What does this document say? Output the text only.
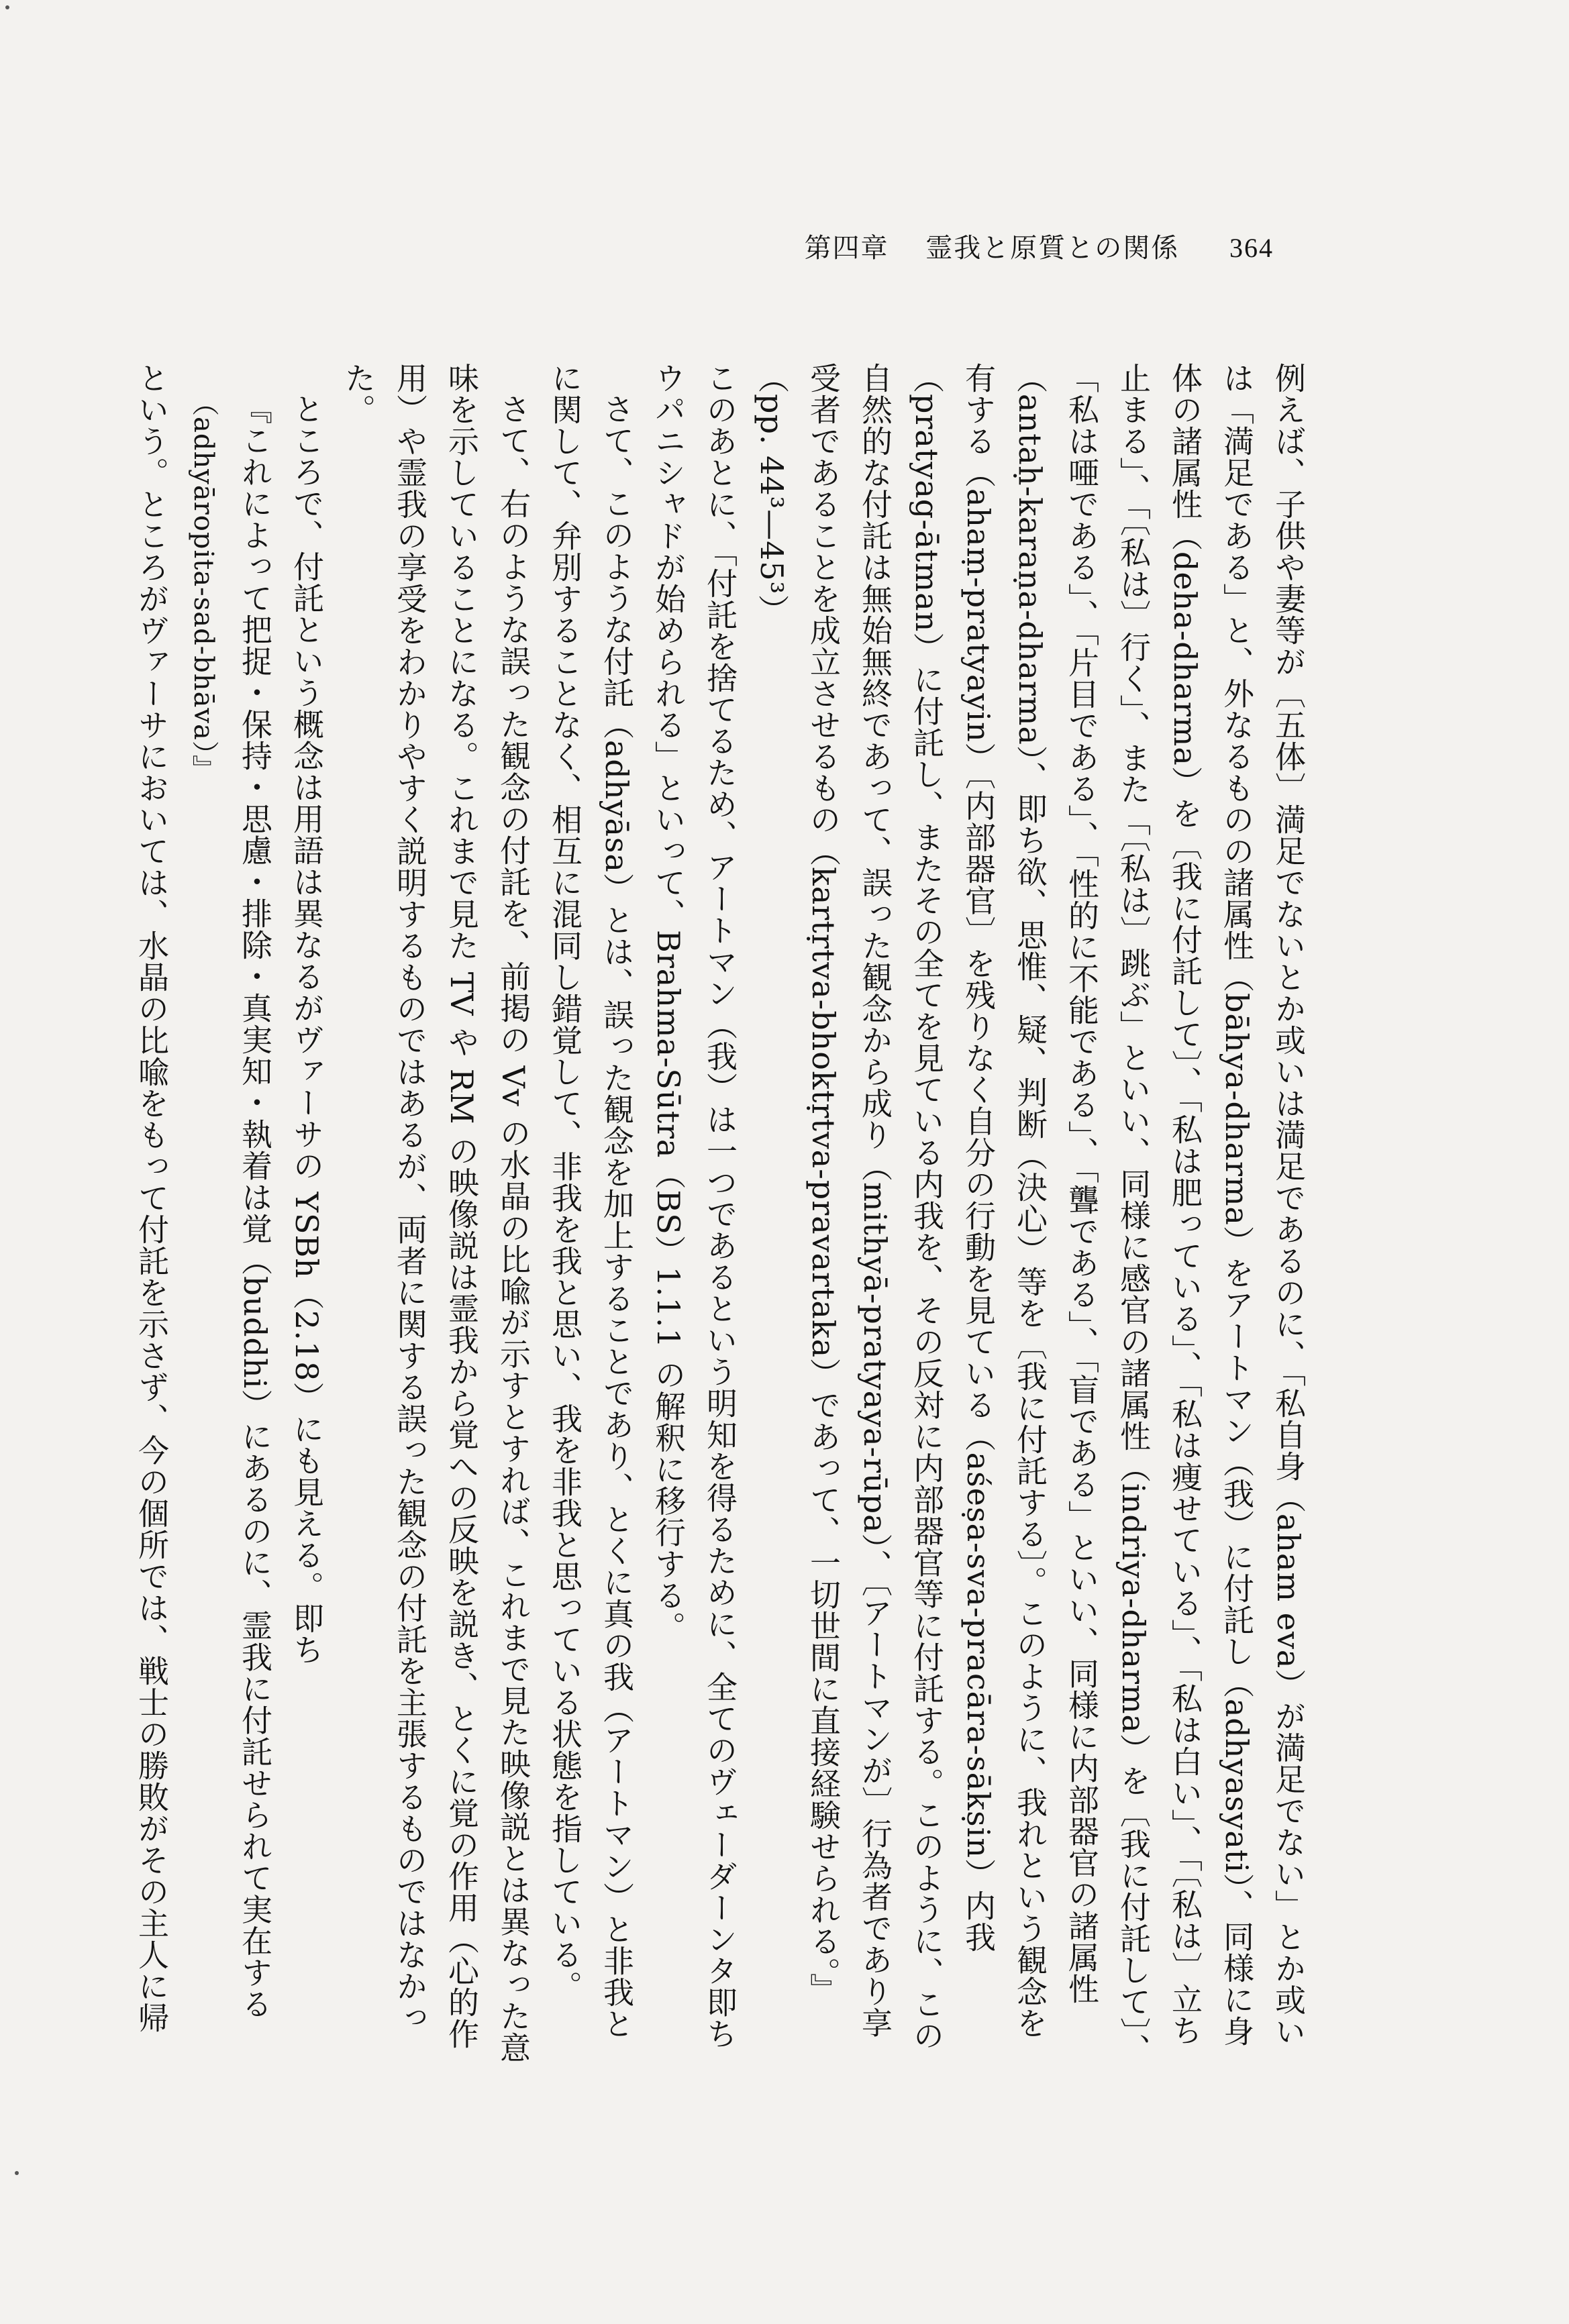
第四章 霊我と原質との関係 364

例えば、子供や妻等が〔五体〕満足でないとか或いは満足であるのに、「私自身（aham eva）が満足でない」とか或いは「満足である」と、外なるものの諸属性（bāhya-dharma）をアートマン（我）に付託し（adhyasyati）、同様に身体の諸属性（deha-dharma）を〔我に付託して〕、「私は肥っている」、「私は痩せている」、「私は白い」、「〔私は〕立ち止まる」、「〔私は〕行く」、また「〔私は〕跳ぶ」といい、同様に感官の諸属性（indriya-dharma）を〔我に付託して〕、「私は唖である」、「片目である」、「性的に不能である」、「聾である」、「盲である」といい、同様に内部器官の諸属性（antaḥ-karaṇa-dharma）、即ち欲、思惟、疑、判断（決心）等を〔我に付託する〕。このように、我れという観念を有する（ahaṃ-pratyayin）〔内部器官〕を残りなく自分の行動を見ている（aśeṣa-sva-pracāra-sākṣin）内我（pratyag-ātman）に付託し、またその全てを見ている内我を、その反対に内部器官等に付託する。このように、この自然的な付託は無始無終であって、誤った観念から成り（mithyā-pratyaya-rūpa）、〔アートマンが〕行為者であり享受者であることを成立させるもの（kartṛtva-bhoktṛtva-pravartaka）であって、一切世間に直接経験せられる。』（pp. 44³—45³）

このあとに、「付託を捨てるため、アートマン（我）は一つであるという明知を得るために、全てのヴェーダーンタ即ちウパニシャドが始められる」といって、Brahma-Sūtra（BS）1.1.1 の解釈に移行する。

さて、このような付託（adhyāsa）とは、誤った観念を加上することであり、とくに真の我（アートマン）と非我とに関して、弁別することなく、相互に混同し錯覚して、非我を我と思い、我を非我と思っている状態を指している。

さて、右のような誤った観念の付託を、前掲の Vv の水晶の比喩が示すとすれば、これまで見た映像説とは異なった意味を示していることになる。これまで見た TV や RM の映像説は霊我から覚への反映を説き、とくに覚の作用（心的作用）や霊我の享受をわかりやすく説明するものではあるが、両者に関する誤った観念の付託を主張するものではなかった。

ところで、付託という概念は用語は異なるがヴァーサの YSBh（2.18）にも見える。即ち

『これによって把捉・保持・思慮・排除・真実知・執着は覚（buddhi）にあるのに、霊我に付託せられて実在する

（adhyāropita-sad-bhāva）』

という。ところがヴァーサにおいては、水晶の比喩をもって付託を示さず、今の個所では、戦士の勝敗がその主人に帰
